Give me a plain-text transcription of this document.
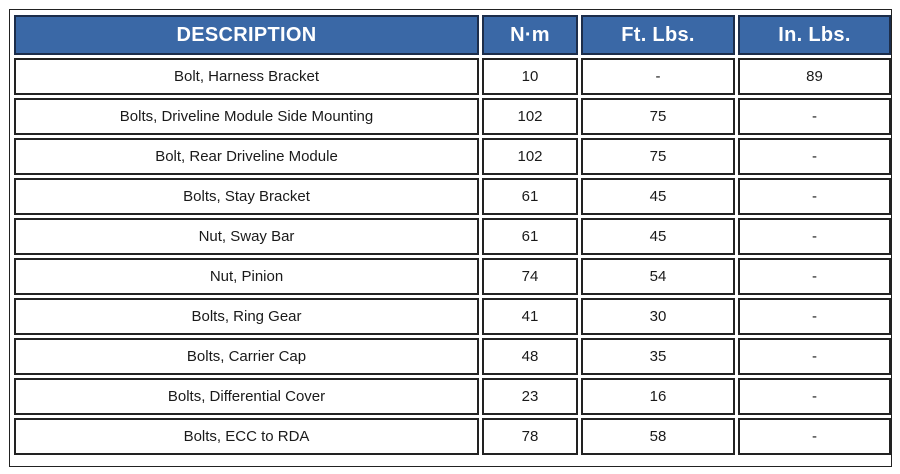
DESCRIPTION	N·m	Ft. Lbs.	In. Lbs.
Bolt, Harness Bracket	10	-	89
Bolts, Driveline Module Side Mounting	102	75	-
Bolt, Rear Driveline Module	102	75	-
Bolts, Stay Bracket	61	45	-
Nut, Sway Bar	61	45	-
Nut, Pinion	74	54	-
Bolts, Ring Gear	41	30	-
Bolts, Carrier Cap	48	35	-
Bolts, Differential Cover	23	16	-
Bolts, ECC to RDA	78	58	-
